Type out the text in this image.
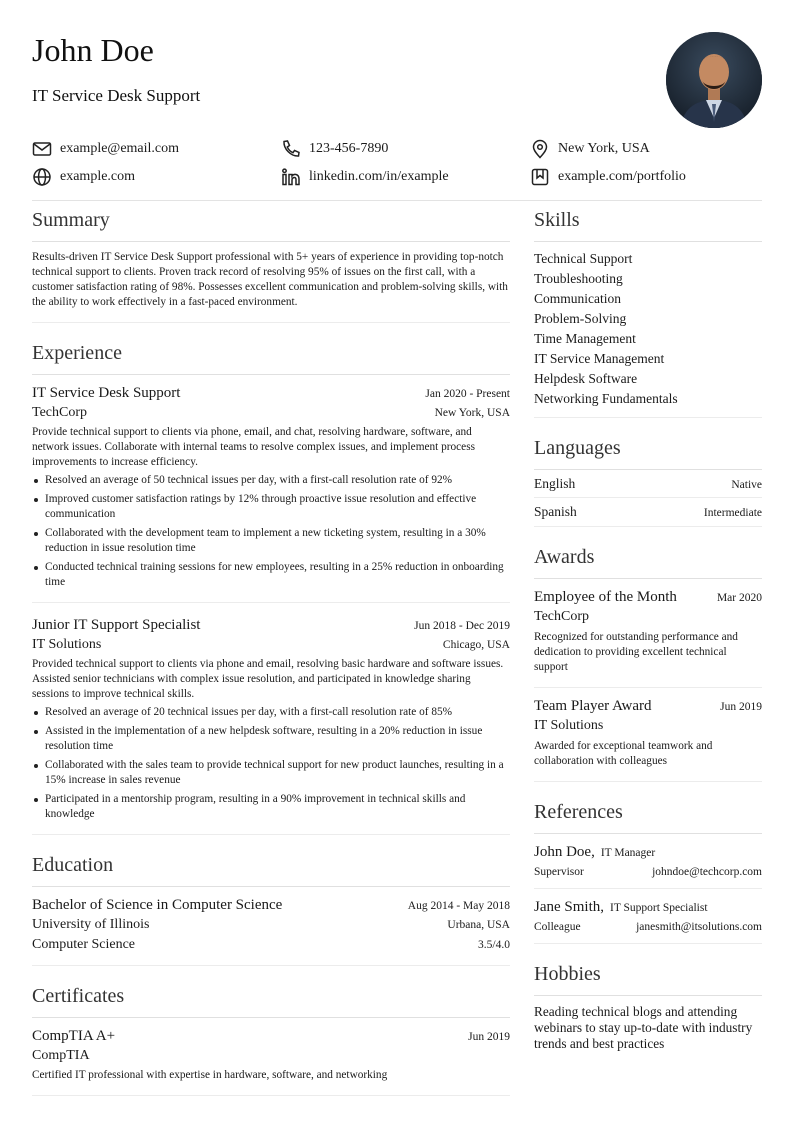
John Doe
IT Service Desk Support
example@email.com	123-456-7890	New York, USA
example.com	linkedin.com/in/example	example.com/portfolio
Summary
Results-driven IT Service Desk Support professional with 5+ years of experience in providing top-notch technical support to clients. Proven track record of resolving 95% of issues on the first call, with a customer satisfaction rating of 98%. Possesses excellent communication and problem-solving skills, with the ability to work effectively in a fast-paced environment.
Experience
IT Service Desk Support	Jan 2020 - Present
TechCorp	New York, USA
Provide technical support to clients via phone, email, and chat, resolving hardware, software, and network issues. Collaborate with internal teams to resolve complex issues, and implement process improvements to increase efficiency.
Resolved an average of 50 technical issues per day, with a first-call resolution rate of 92%
Improved customer satisfaction ratings by 12% through proactive issue resolution and effective communication
Collaborated with the development team to implement a new ticketing system, resulting in a 30% reduction in issue resolution time
Conducted technical training sessions for new employees, resulting in a 25% reduction in onboarding time
Junior IT Support Specialist	Jun 2018 - Dec 2019
IT Solutions	Chicago, USA
Provided technical support to clients via phone and email, resolving basic hardware and software issues. Assisted senior technicians with complex issue resolution, and participated in knowledge sharing sessions to improve technical skills.
Resolved an average of 20 technical issues per day, with a first-call resolution rate of 85%
Assisted in the implementation of a new helpdesk software, resulting in a 20% reduction in issue resolution time
Collaborated with the sales team to provide technical support for new product launches, resulting in a 15% increase in sales revenue
Participated in a mentorship program, resulting in a 90% improvement in technical skills and knowledge
Education
Bachelor of Science in Computer Science	Aug 2014 - May 2018
University of Illinois	Urbana, USA
Computer Science	3.5/4.0
Certificates
CompTIA A+	Jun 2019
CompTIA
Certified IT professional with expertise in hardware, software, and networking
Skills
Technical Support
Troubleshooting
Communication
Problem-Solving
Time Management
IT Service Management
Helpdesk Software
Networking Fundamentals
Languages
English	Native
Spanish	Intermediate
Awards
Employee of the Month	Mar 2020
TechCorp
Recognized for outstanding performance and dedication to providing excellent technical support
Team Player Award	Jun 2019
IT Solutions
Awarded for exceptional teamwork and collaboration with colleagues
References
John Doe, IT Manager
Supervisor	johndoe@techcorp.com
Jane Smith, IT Support Specialist
Colleague	janesmith@itsolutions.com
Hobbies
Reading technical blogs and attending webinars to stay up-to-date with industry trends and best practices
